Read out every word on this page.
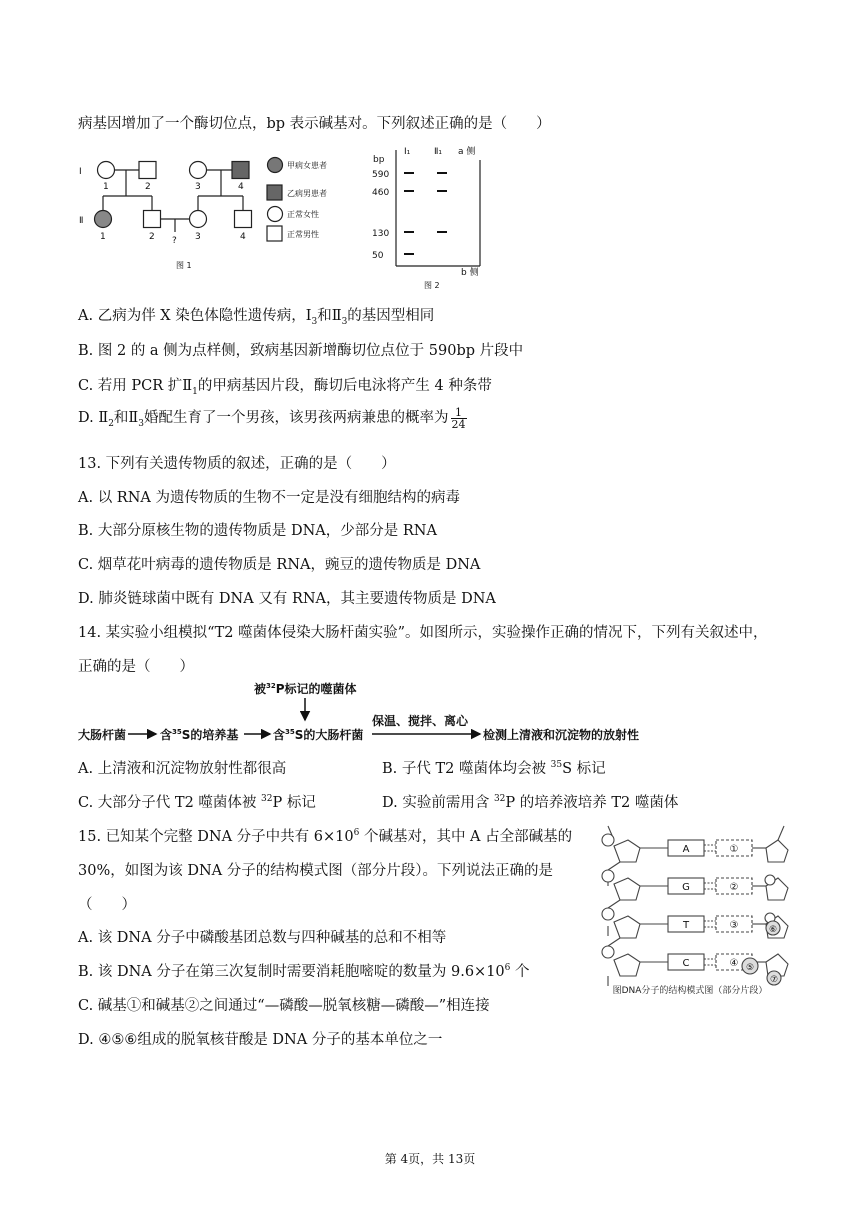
病基因增加了一个酶切位点，bp 表示碱基对。下列叙述正确的是（　　）
Ⅰ
Ⅱ
1	2	3	4
1	2	3	4
?
甲病女患者
乙病男患者
正常女性
正常男性
图 1
bp
Ⅰ₁	Ⅱ₁ a 侧
590
460
130
50
b 侧
图 2
A. 乙病为伴 X 染色体隐性遗传病，$Ⅰ_3$和$Ⅱ_3$的基因型相同
B. 图 2 的 a 侧为点样侧，致病基因新增酶切位点位于 590bp 片段中
C. 若用 PCR 扩$Ⅱ_1$的甲病基因片段，酶切后电泳将产生 4 种条带
D. $Ⅱ_2$和$Ⅱ_3$婚配生育了一个男孩，该男孩两病兼患的概率为 $\frac{1}{24}$
13. 下列有关遗传物质的叙述，正确的是（　　）
A. 以 RNA 为遗传物质的生物不一定是没有细胞结构的病毒
B. 大部分原核生物的遗传物质是 DNA，少部分是 RNA
C. 烟草花叶病毒的遗传物质是 RNA，豌豆的遗传物质是 DNA
D. 肺炎链球菌中既有 DNA 又有 RNA，其主要遗传物质是 DNA
14. 某实验小组模拟“T2 噬菌体侵染大肠杆菌实验”。如图所示，实验操作正确的情况下，下列有关叙述中，
正确的是（　　）
被$^{32}$P标记的噬菌体
大肠杆菌	含$^{35}$S的培养基	含$^{35}$S的大肠杆菌
保温、搅拌、离心
检测上清液和沉淀物的放射性
A. 上清液和沉淀物放射性都很高	B. 子代 T2 噬菌体均会被 $^{35}$S 标记
C. 大部分子代 T2 噬菌体被 $^{32}$P 标记	D. 实验前需用含 $^{32}$P 的培养液培养 T2 噬菌体
15. 已知某个完整 DNA 分子中共有 $6\times 10^6$ 个碱基对，其中 A 占全部碱基的
30%，如图为该 DNA 分子的结构模式图（部分片段）。下列说法正确的是
（　　）
A. 该 DNA 分子中磷酸基团总数与四种碱基的总和不相等
B. 该 DNA 分子在第三次复制时需要消耗胞嘧啶的数量为 $9.6\times 10^6$ 个
C. 碱基①和碱基②之间通过“—磷酸—脱氧核糖—磷酸—”相连接
D. ④⑤⑥组成的脱氧核苷酸是 DNA 分子的基本单位之一
A
G
T
C
①
②
③
④ ⑤
⑥
⑦
图DNA分子的结构模式图（部分片段）
第 4页，共 13页
